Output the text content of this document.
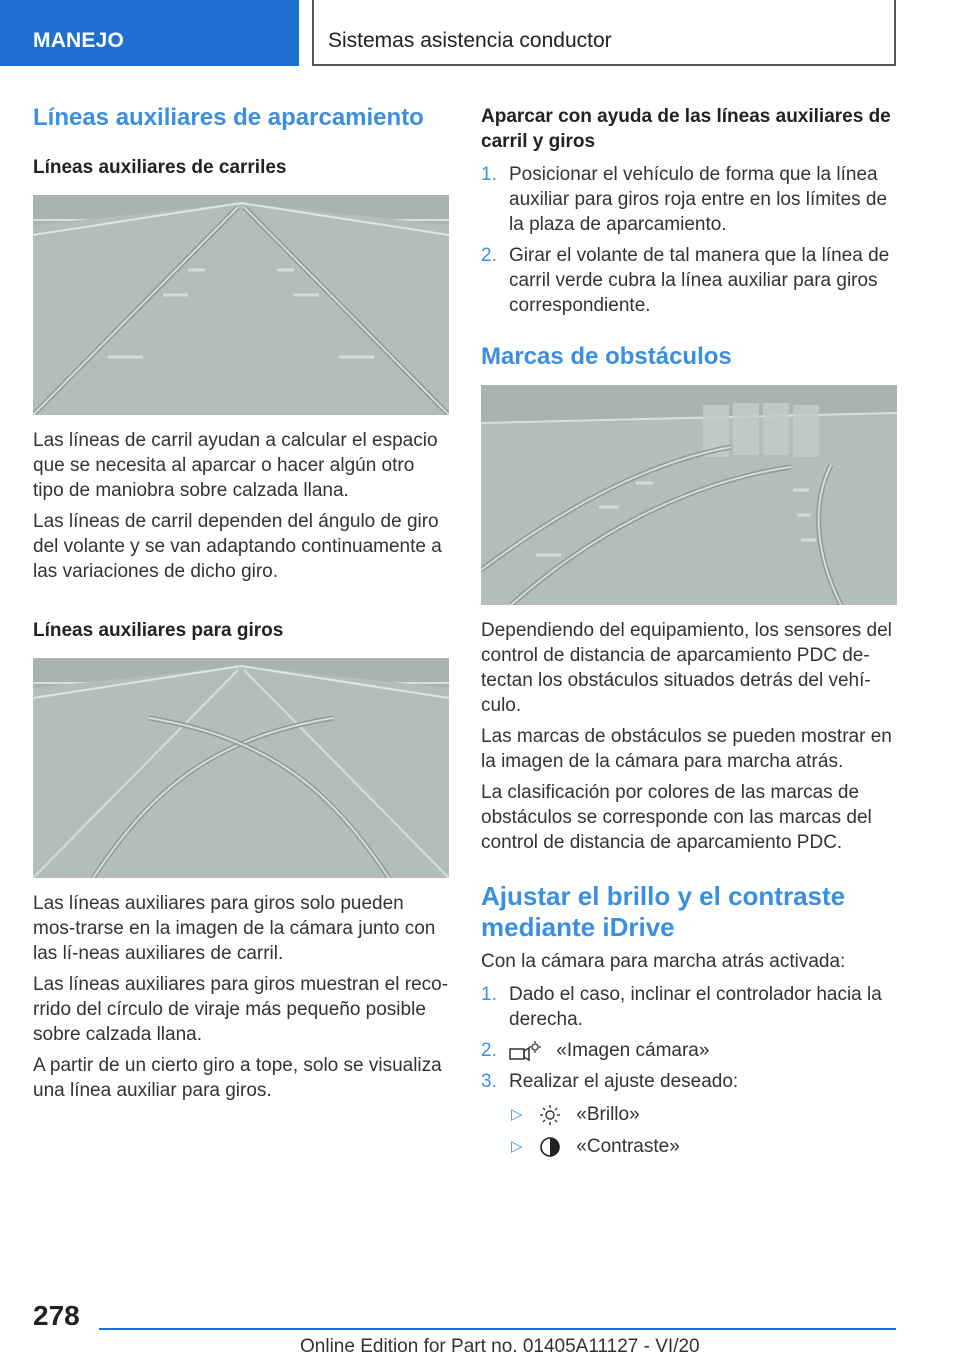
MANEJO	Sistemas asistencia conductor
Líneas auxiliares de aparcamiento
Líneas auxiliares de carriles

Las líneas de carril ayudan a calcular el espacio que se necesita al aparcar o hacer algún otro tipo de maniobra sobre calzada llana.

Las líneas de carril dependen del ángulo de giro del volante y se van adaptando continuamente a las variaciones de dicho giro.

Líneas auxiliares para giros

Las líneas auxiliares para giros solo pueden mos-trarse en la imagen de la cámara junto con las lí-neas auxiliares de carril.

Las líneas auxiliares para giros muestran el reco-rrido del círculo de viraje más pequeño posible sobre calzada llana.

A partir de un cierto giro a tope, solo se visualiza una línea auxiliar para giros.

Aparcar con ayuda de las líneas auxiliares de carril y giros
1. Posicionar el vehículo de forma que la línea auxiliar para giros roja entre en los límites de la plaza de aparcamiento.
2. Girar el volante de tal manera que la línea de carril verde cubra la línea auxiliar para giros correspondiente.
Marcas de obstáculos

Dependiendo del equipamiento, los sensores del control de distancia de aparcamiento PDC de-tectan los obstáculos situados detrás del vehí-culo.

Las marcas de obstáculos se pueden mostrar en la imagen de la cámara para marcha atrás.

La clasificación por colores de las marcas de obstáculos se corresponde con las marcas del control de distancia de aparcamiento PDC.

Ajustar el brillo y el contraste mediante iDrive

Con la cámara para marcha atrás activada:

1. Dado el caso, inclinar el controlador hacia la derecha.
2.	«Imagen cámara»
3. Realizar el ajuste deseado:
▷	«Brillo»
▷	«Contraste»
278
Online Edition for Part no. 01405A11127 - VI/20
